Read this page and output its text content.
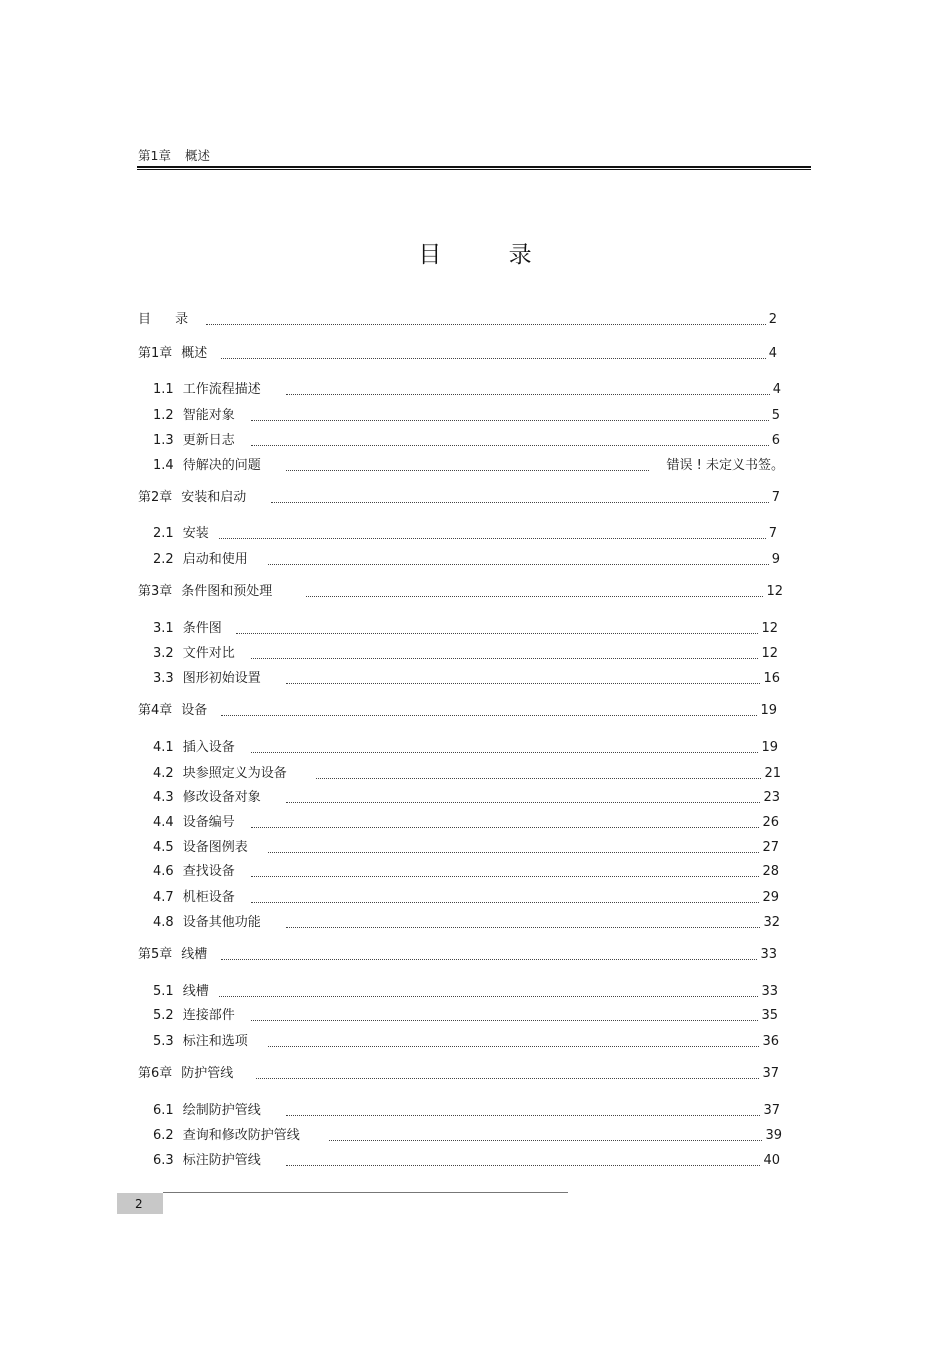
第1章 概述
目 录
目 录	2
第1章 概述	4
1.1 工作流程描述	4
1.2 智能对象	5
1.3 更新日志	6
1.4 待解决的问题	错误 ! 未定义书签。
第2章 安装和启动	7
2.1 安装	7
2.2 启动和使用	9
第3章 条件图和预处理	12
3.1 条件图	12
3.2 文件对比	12
3.3 图形初始设置	16
第4章 设备	19
4.1 插入设备	19
4.2 块参照定义为设备	21
4.3 修改设备对象	23
4.4 设备编号	26
4.5 设备图例表	27
4.6 查找设备	28
4.7 机柜设备	29
4.8 设备其他功能	32
第5章 线槽	33
5.1 线槽	33
5.2 连接部件	35
5.3 标注和选项	36
第6章 防护管线	37
6.1 绘制防护管线	37
6.2 查询和修改防护管线	39
6.3 标注防护管线	40
2
